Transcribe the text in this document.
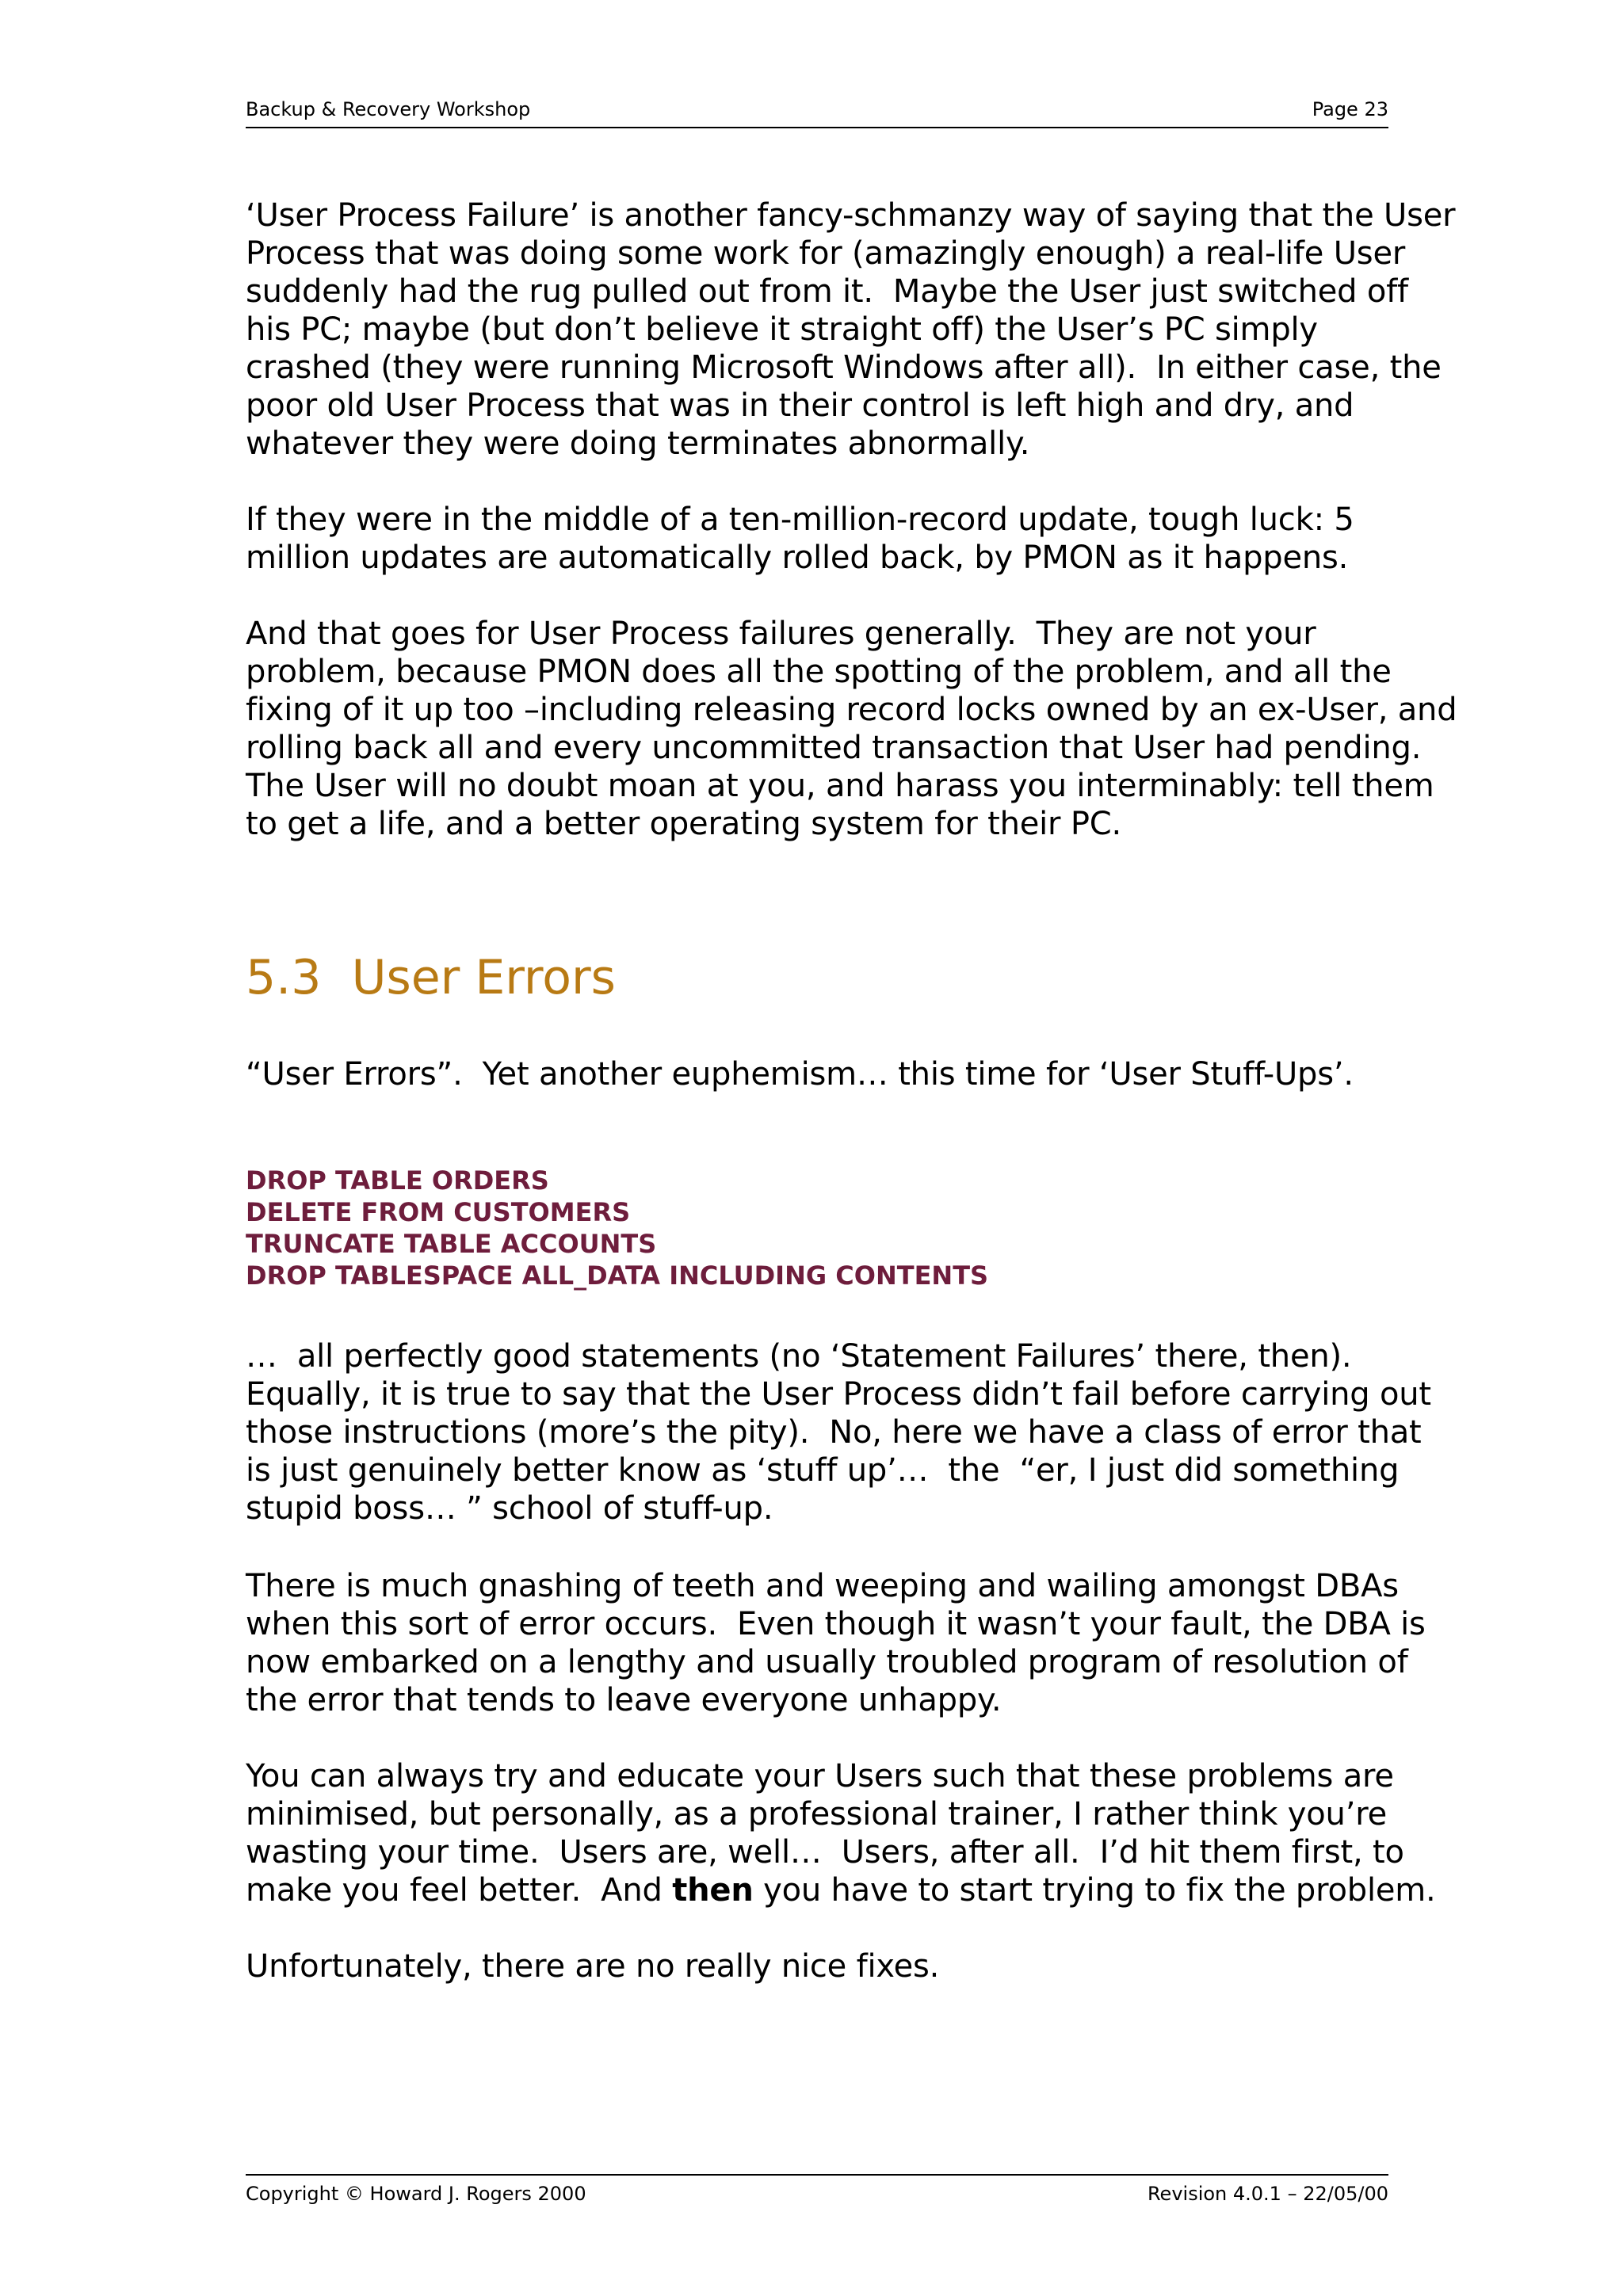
Backup & Recovery Workshop	Page 23

‘User Process Failure’ is another fancy-schmanzy way of saying that the User
Process that was doing some work for (amazingly enough) a real-life User
suddenly had the rug pulled out from it.  Maybe the User just switched off
his PC; maybe (but don’t believe it straight off) the User’s PC simply
crashed (they were running Microsoft Windows after all).  In either case, the
poor old User Process that was in their control is left high and dry, and
whatever they were doing terminates abnormally.

If they were in the middle of a ten-million-record update, tough luck: 5
million updates are automatically rolled back, by PMON as it happens.

And that goes for User Process failures generally.  They are not your
problem, because PMON does all the spotting of the problem, and all the
fixing of it up too –including releasing record locks owned by an ex-User, and
rolling back all and every uncommitted transaction that User had pending.
The User will no doubt moan at you, and harass you interminably: tell them
to get a life, and a better operating system for their PC.

5.3  User Errors

“User Errors”.  Yet another euphemism… this time for ‘User Stuff-Ups’.

DROP TABLE ORDERS
DELETE FROM CUSTOMERS
TRUNCATE TABLE ACCOUNTS
DROP TABLESPACE ALL_DATA INCLUDING CONTENTS

…  all perfectly good statements (no ‘Statement Failures’ there, then).
Equally, it is true to say that the User Process didn’t fail before carrying out
those instructions (more’s the pity).  No, here we have a class of error that
is just genuinely better know as ‘stuff up’…  the  “er, I just did something
stupid boss… ” school of stuff-up.

There is much gnashing of teeth and weeping and wailing amongst DBAs
when this sort of error occurs.  Even though it wasn’t your fault, the DBA is
now embarked on a lengthy and usually troubled program of resolution of
the error that tends to leave everyone unhappy.

You can always try and educate your Users such that these problems are
minimised, but personally, as a professional trainer, I rather think you’re
wasting your time.  Users are, well…  Users, after all.  I’d hit them first, to
make you feel better.  And then you have to start trying to fix the problem.

Unfortunately, there are no really nice fixes.

Copyright © Howard J. Rogers 2000	Revision 4.0.1 – 22/05/00
